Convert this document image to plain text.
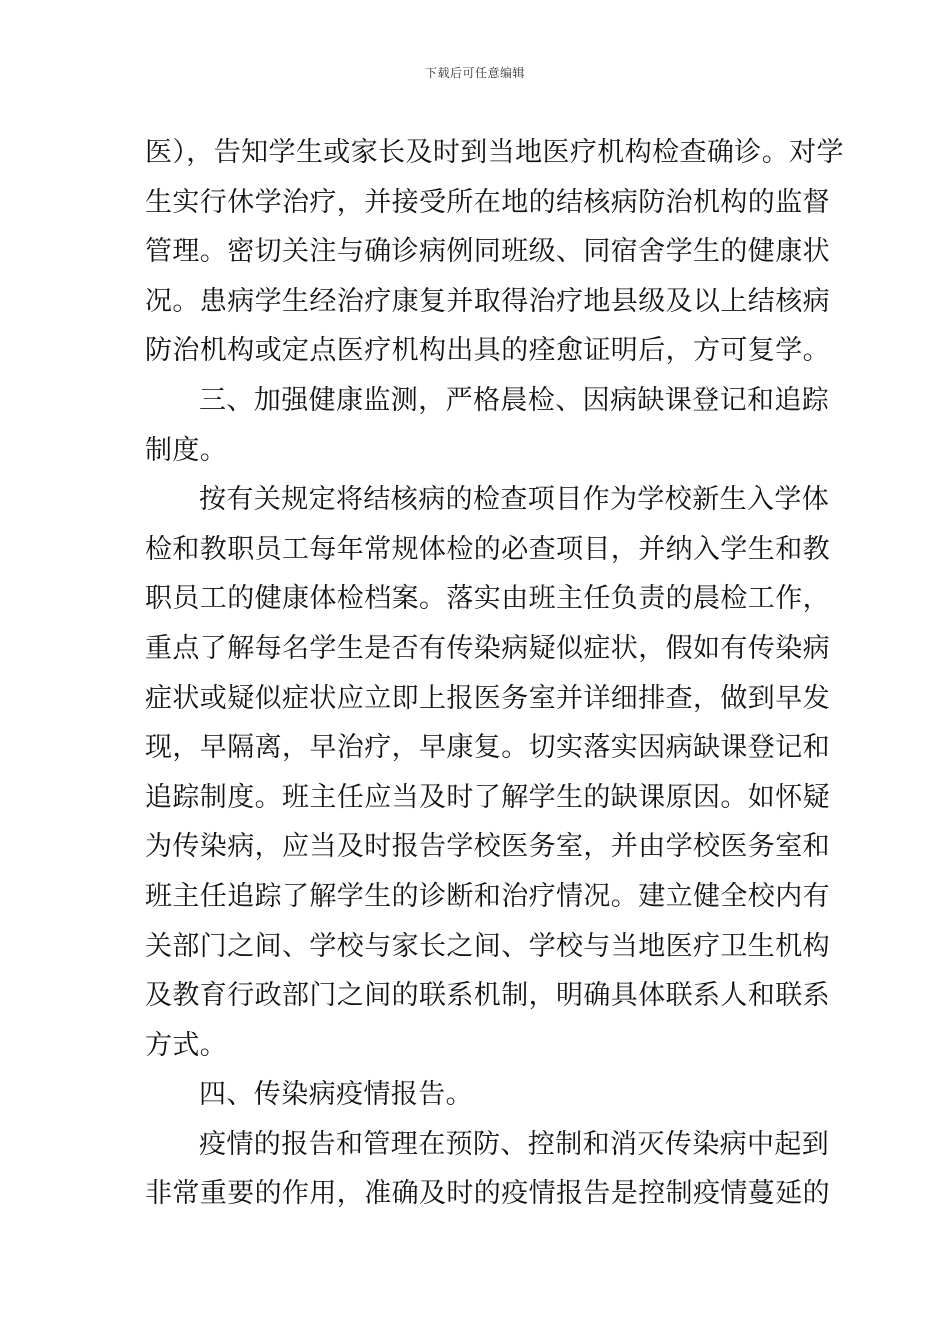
下载后可任意编辑
医），告知学生或家长及时到当地医疗机构检查确诊。对学
生实行休学治疗，并接受所在地的结核病防治机构的监督
管理。密切关注与确诊病例同班级、同宿舍学生的健康状
况。患病学生经治疗康复并取得治疗地县级及以上结核病
防治机构或定点医疗机构出具的痊愈证明后，方可复学。
三、加强健康监测，严格晨检、因病缺课登记和追踪
制度。
按有关规定将结核病的检查项目作为学校新生入学体
检和教职员工每年常规体检的必查项目，并纳入学生和教
职员工的健康体检档案。落实由班主任负责的晨检工作，
重点了解每名学生是否有传染病疑似症状，假如有传染病
症状或疑似症状应立即上报医务室并详细排查，做到早发
现，早隔离，早治疗，早康复。切实落实因病缺课登记和
追踪制度。班主任应当及时了解学生的缺课原因。如怀疑
为传染病，应当及时报告学校医务室，并由学校医务室和
班主任追踪了解学生的诊断和治疗情况。建立健全校内有
关部门之间、学校与家长之间、学校与当地医疗卫生机构
及教育行政部门之间的联系机制，明确具体联系人和联系
方式。
四、传染病疫情报告。
疫情的报告和管理在预防、控制和消灭传染病中起到
非常重要的作用，准确及时的疫情报告是控制疫情蔓延的
